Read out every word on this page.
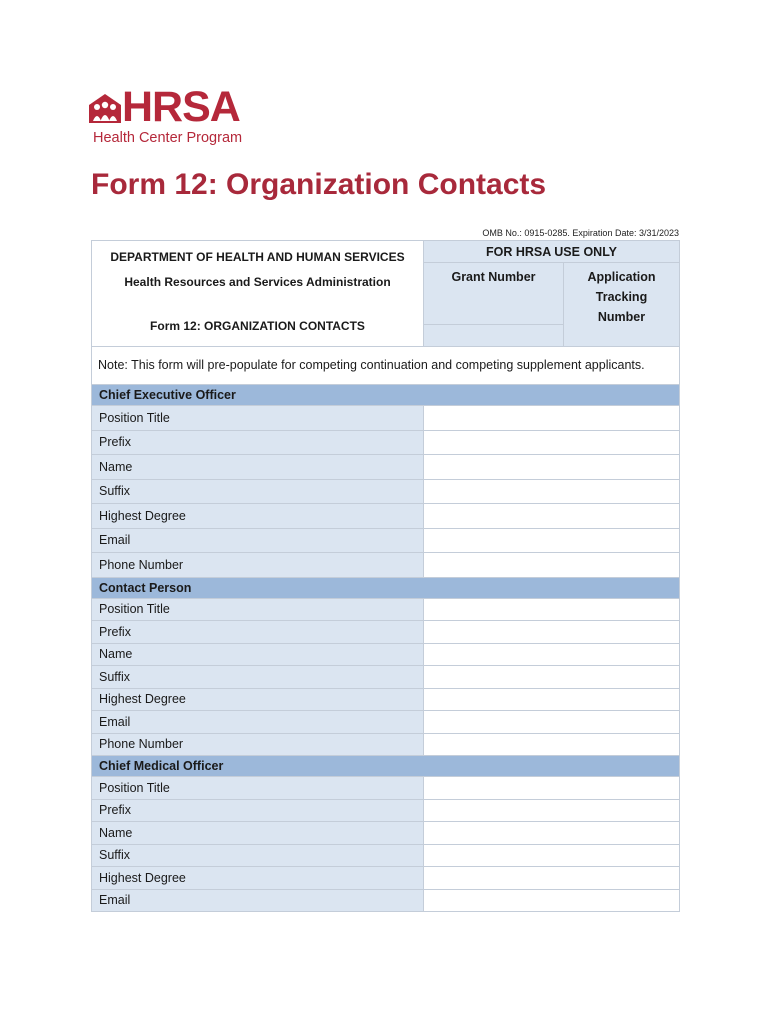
HRSA
Health Center Program
Form 12: Organization Contacts
OMB No.: 0915-0285. Expiration Date: 3/31/2023
DEPARTMENT OF HEALTH AND HUMAN SERVICES
Health Resources and Services Administration
Form 12: ORGANIZATION CONTACTS	FOR HRSA USE ONLY	
	Grant Number	Application Tracking Number

Note: This form will pre-populate for competing continuation and competing supplement applicants.		
Chief Executive Officer		
Position Title		
Prefix		
Name		
Suffix		
Highest Degree		
Email		
Phone Number		
Contact Person		
Position Title		
Prefix		
Name		
Suffix		
Highest Degree		
Email		
Phone Number		
Chief Medical Officer		
Position Title		
Prefix		
Name		
Suffix		
Highest Degree		
Email		
